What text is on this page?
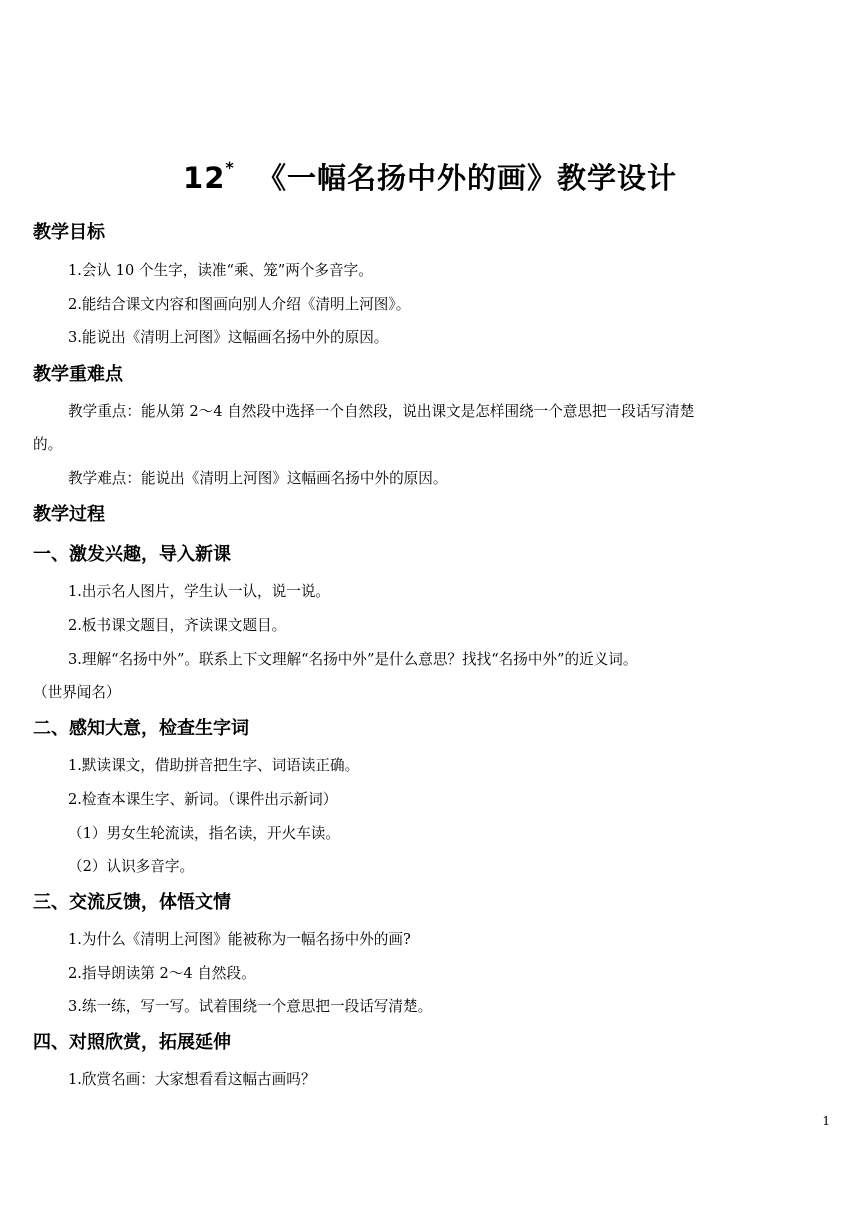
12* 《一幅名扬中外的画》教学设计
教学目标
1.会认 10 个生字，读准“乘、笼”两个多音字。
2.能结合课文内容和图画向别人介绍《清明上河图》。
3.能说出《清明上河图》这幅画名扬中外的原因。
教学重难点
教学重点：能从第 2～4 自然段中选择一个自然段，说出课文是怎样围绕一个意思把一段话写清楚
的。
教学难点：能说出《清明上河图》这幅画名扬中外的原因。
教学过程
一、激发兴趣，导入新课
1.出示名人图片，学生认一认，说一说。
2.板书课文题目，齐读课文题目。
3.理解“名扬中外”。联系上下文理解“名扬中外”是什么意思？找找“名扬中外”的近义词。
（世界闻名）
二、感知大意，检查生字词
1.默读课文，借助拼音把生字、词语读正确。
2.检查本课生字、新词。（课件出示新词）
（1）男女生轮流读，指名读，开火车读。
（2）认识多音字。
三、交流反馈，体悟文情
1.为什么《清明上河图》能被称为一幅名扬中外的画?
2.指导朗读第 2～4 自然段。
3.练一练，写一写。试着围绕一个意思把一段话写清楚。
四、对照欣赏，拓展延伸
1.欣赏名画：大家想看看这幅古画吗？
1
